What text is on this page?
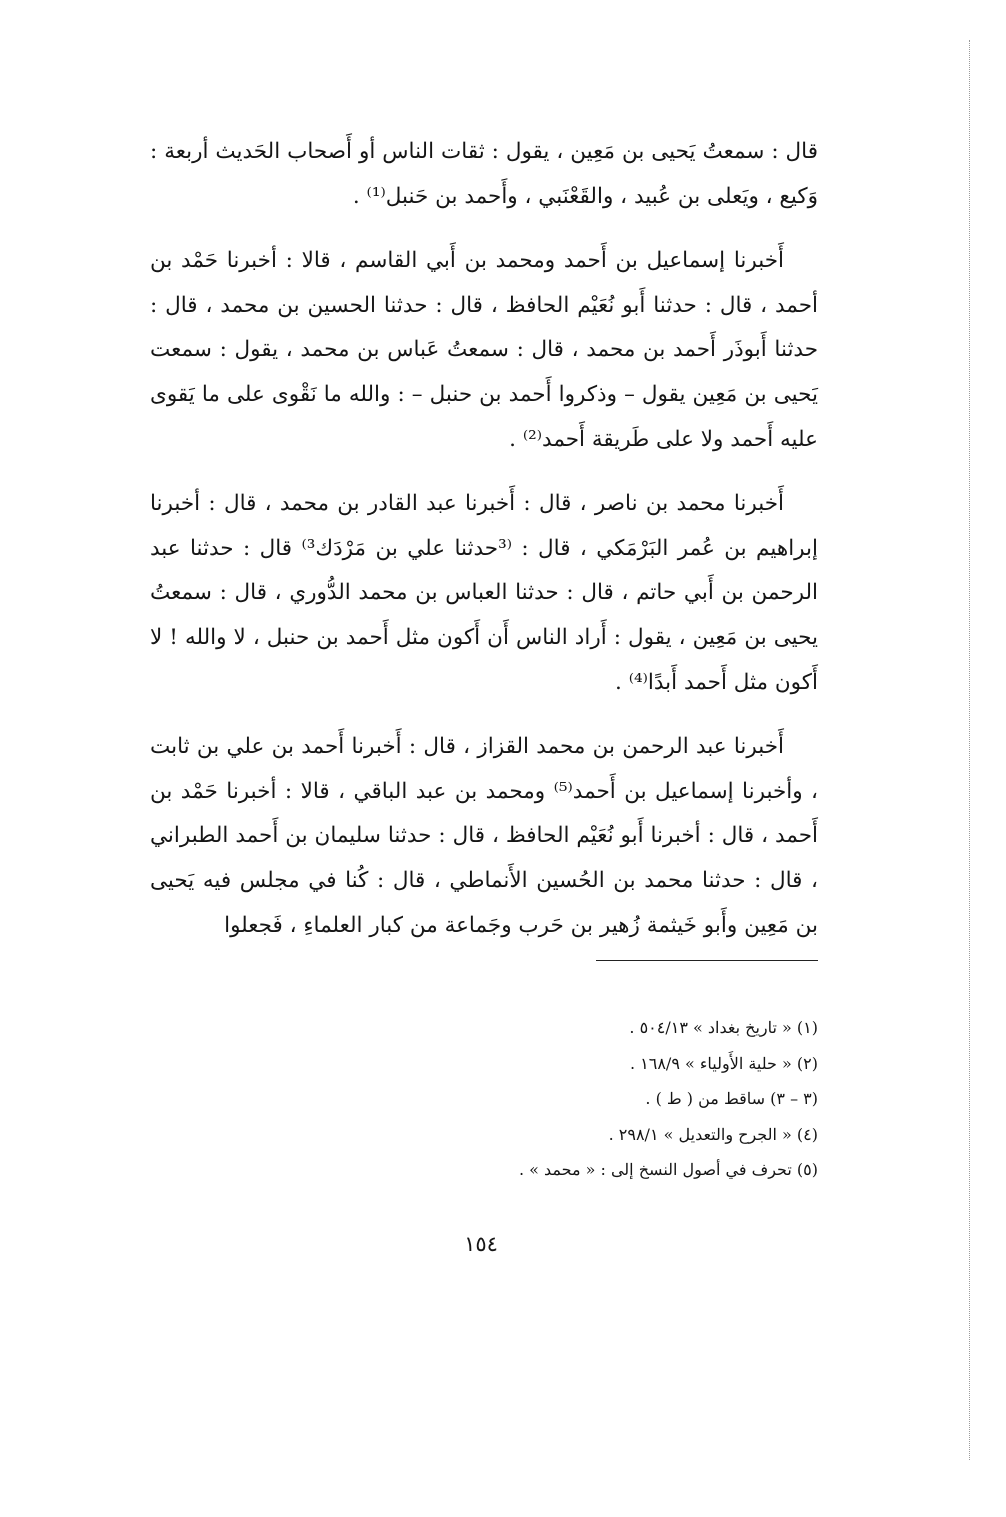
قال : سمعتُ يَحيى بن مَعِين ، يقول : ثقات الناس أو أَصحاب الحَديث أربعة : وَكيع ، ويَعلى بن عُبيد ، والقَعْنَبي ، وأَحمد بن حَنبل⁽¹⁾ .

أَخبرنا إسماعيل بن أَحمد ومحمد بن أَبي القاسم ، قالا : أخبرنا حَمْد بن أحمد ، قال : حدثنا أَبو نُعَيْم الحافظ ، قال : حدثنا الحسين بن محمد ، قال : حدثنا أَبوذَر أَحمد بن محمد ، قال : سمعتُ عَباس بن محمد ، يقول : سمعت يَحيى بن مَعِين يقول – وذكروا أَحمد بن حنبل – : والله ما نَقْوى على ما يَقوى عليه أَحمد ولا على طَريقة أَحمد⁽²⁾ .

أَخبرنا محمد بن ناصر ، قال : أَخبرنا عبد القادر بن محمد ، قال : أخبرنا إبراهيم بن عُمر البَرْمَكي ، قال : ⁽³حدثنا علي بن مَرْدَك³⁾ قال : حدثنا عبد الرحمن بن أَبي حاتم ، قال : حدثنا العباس بن محمد الدُّوري ، قال : سمعتُ يحيى بن مَعِين ، يقول : أَراد الناس أَن أَكون مثل أَحمد بن حنبل ، لا والله ! لا أَكون مثل أَحمد أَبدًا⁽⁴⁾ .

أَخبرنا عبد الرحمن بن محمد القزاز ، قال : أَخبرنا أَحمد بن علي بن ثابت ، وأخبرنا إسماعيل بن أَحمد⁽⁵⁾ ومحمد بن عبد الباقي ، قالا : أخبرنا حَمْد بن أَحمد ، قال : أخبرنا أَبو نُعَيْم الحافظ ، قال : حدثنا سليمان بن أَحمد الطبراني ، قال : حدثنا محمد بن الحُسين الأَنماطي ، قال : كُنا في مجلس فيه يَحيى بن مَعِين وأَبو خَيثمة زُهير بن حَرب وجَماعة من كبار العلماءِ ، فَجعلوا

(١) « تاريخ بغداد » ٥٠٤/١٣ .
(٢) « حلية الأَولياء » ١٦٨/٩ .
(٣ – ٣) ساقط من ( ط ) .
(٤) « الجرح والتعديل » ٢٩٨/١ .
(٥) تحرف في أصول النسخ إلى : « محمد » .
١٥٤
